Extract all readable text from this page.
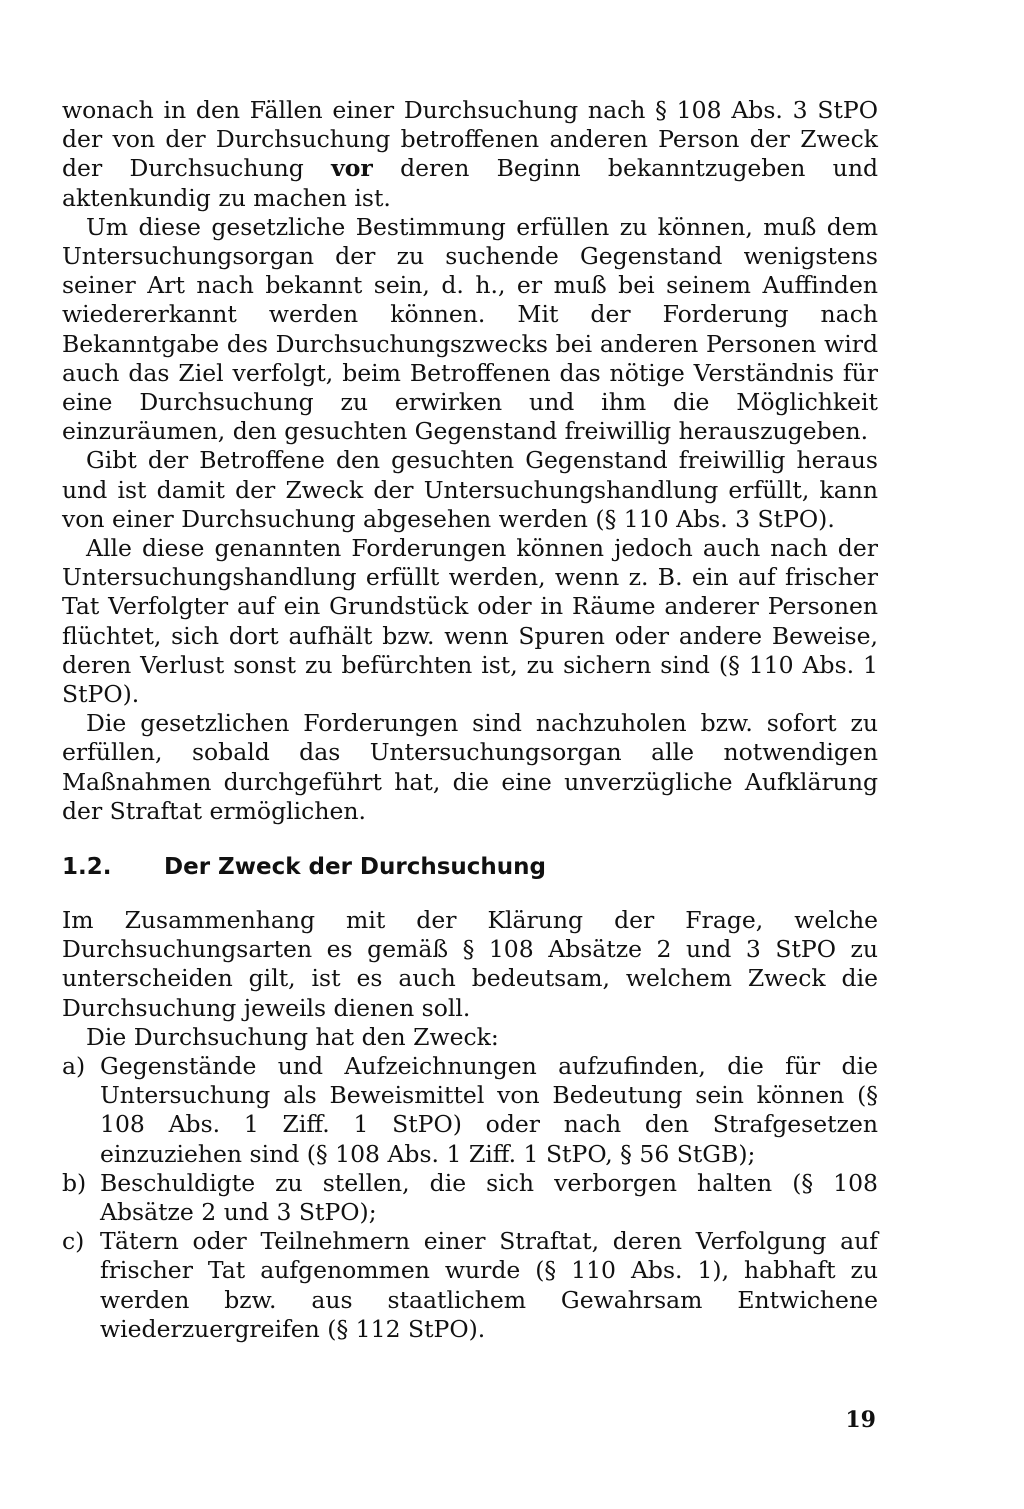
wonach in den Fällen einer Durchsuchung nach § 108 Abs. 3 StPO der von der Durchsuchung betroffenen anderen Person der Zweck der Durchsuchung vor deren Beginn bekanntzugeben und aktenkundig zu machen ist.

Um diese gesetzliche Bestimmung erfüllen zu können, muß dem Untersuchungsorgan der zu suchende Gegenstand wenigstens seiner Art nach bekannt sein, d. h., er muß bei seinem Auffinden wiedererkannt werden können. Mit der Forderung nach Bekanntgabe des Durchsuchungszwecks bei anderen Personen wird auch das Ziel verfolgt, beim Betroffenen das nötige Verständnis für eine Durchsuchung zu erwirken und ihm die Möglichkeit einzuräumen, den gesuchten Gegenstand freiwillig herauszugeben.

Gibt der Betroffene den gesuchten Gegenstand freiwillig heraus und ist damit der Zweck der Untersuchungshandlung erfüllt, kann von einer Durchsuchung abgesehen werden (§ 110 Abs. 3 StPO).

Alle diese genannten Forderungen können jedoch auch nach der Untersuchungshandlung erfüllt werden, wenn z. B. ein auf frischer Tat Verfolgter auf ein Grundstück oder in Räume anderer Personen flüchtet, sich dort aufhält bzw. wenn Spuren oder andere Beweise, deren Verlust sonst zu befürchten ist, zu sichern sind (§ 110 Abs. 1 StPO).

Die gesetzlichen Forderungen sind nachzuholen bzw. sofort zu erfüllen, sobald das Untersuchungsorgan alle notwendigen Maßnahmen durchgeführt hat, die eine unverzügliche Aufklärung der Straftat ermöglichen.

1.2.	Der Zweck der Durchsuchung

Im Zusammenhang mit der Klärung der Frage, welche Durchsuchungsarten es gemäß § 108 Absätze 2 und 3 StPO zu unterscheiden gilt, ist es auch bedeutsam, welchem Zweck die Durchsuchung jeweils dienen soll.

Die Durchsuchung hat den Zweck:

a) Gegenstände und Aufzeichnungen aufzufinden, die für die Untersuchung als Beweismittel von Bedeutung sein können (§ 108 Abs. 1 Ziff. 1 StPO) oder nach den Strafgesetzen einzuziehen sind (§ 108 Abs. 1 Ziff. 1 StPO, § 56 StGB);
b) Beschuldigte zu stellen, die sich verborgen halten (§ 108 Absätze 2 und 3 StPO);
c) Tätern oder Teilnehmern einer Straftat, deren Verfolgung auf frischer Tat aufgenommen wurde (§ 110 Abs. 1), habhaft zu werden bzw. aus staatlichem Gewahrsam Entwichene wiederzuergreifen (§ 112 StPO).

19
